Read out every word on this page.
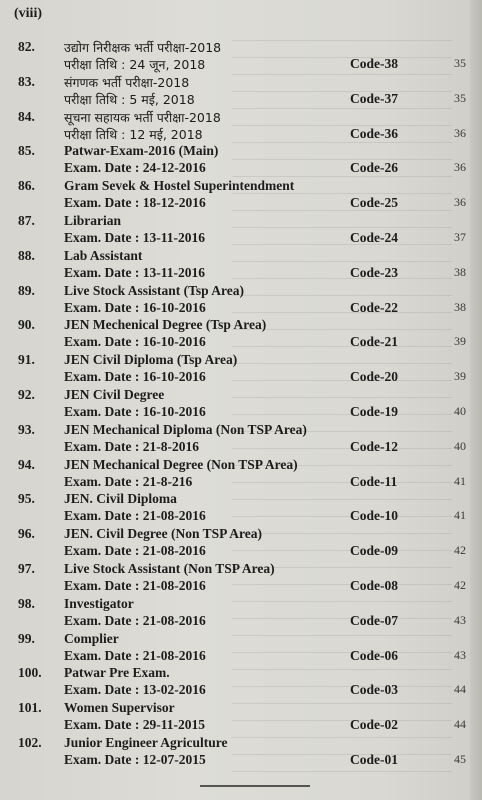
(viii)
82. उद्योग निरीक्षक भर्ती परीक्षा-2018
परीक्षा तिथि : 24 जून, 2018	Code-38	35
83. संगणक भर्ती परीक्षा-2018
परीक्षा तिथि : 5 मई, 2018	Code-37	35
84. सूचना सहायक भर्ती परीक्षा-2018
परीक्षा तिथि : 12 मई, 2018	Code-36	36
85. Patwar-Exam-2016 (Main)
Exam. Date : 24-12-2016	Code-26	36
86. Gram Sevek & Hostel Superintendment
Exam. Date : 18-12-2016	Code-25	36
87. Librarian
Exam. Date : 13-11-2016	Code-24	37
88. Lab Assistant
Exam. Date : 13-11-2016	Code-23	38
89. Live Stock Assistant (Tsp Area)
Exam. Date : 16-10-2016	Code-22	38
90. JEN Mechenical Degree (Tsp Area)
Exam. Date : 16-10-2016	Code-21	39
91. JEN Civil Diploma (Tsp Area)
Exam. Date : 16-10-2016	Code-20	39
92. JEN Civil Degree
Exam. Date : 16-10-2016	Code-19	40
93. JEN Mechanical Diploma (Non TSP Area)
Exam. Date : 21-8-2016	Code-12	40
94. JEN Mechanical Degree (Non TSP Area)
Exam. Date : 21-8-216	Code-11	41
95. JEN. Civil Diploma
Exam. Date : 21-08-2016	Code-10	41
96. JEN. Civil Degree (Non TSP Area)
Exam. Date : 21-08-2016	Code-09	42
97. Live Stock Assistant (Non TSP Area)
Exam. Date : 21-08-2016	Code-08	42
98. Investigator
Exam. Date : 21-08-2016	Code-07	43
99. Complier
Exam. Date : 21-08-2016	Code-06	43
100. Patwar Pre Exam.
Exam. Date : 13-02-2016	Code-03	44
101. Women Supervisor
Exam. Date : 29-11-2015	Code-02	44
102. Junior Engineer Agriculture
Exam. Date : 12-07-2015	Code-01	45
